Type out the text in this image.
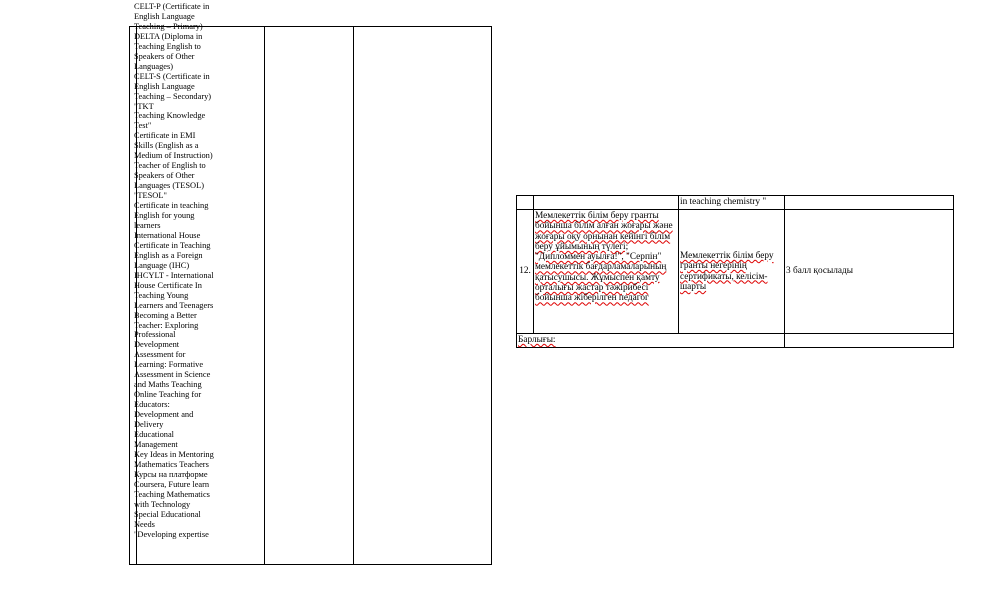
CELT-P (Certificate in
English Language
Teaching – Primary)
DELTA (Diploma in
Teaching English to
Speakers of Other
Languages)
CELT-S (Certificate in
English Language
Teaching – Secondary)
"TKT
Teaching Knowledge
Test"
Certificate in EMI
Skills (English as a
Medium of Instruction)
Teacher of English to
Speakers of Other
Languages (TESOL)
"TESOL"
Certificate in teaching
English for young
learners
International House
Certificate in Teaching
English as a Foreign
Language (IHC)
IHCYLT - International
House Certificate In
Teaching Young
Learners and Teenagers
Becoming a Better
Teacher: Exploring
Professional
Development
Assessment for
Learning: Formative
Assessment in Science
and Maths Teaching
Online Teaching for
Educators:
Development and
Delivery
Educational
Management
Key Ideas in Mentoring
Mathematics Teachers
Курсы на платформе
Coursera, Future learn
Teaching Mathematics
with Technology
Special Educational
Needs
"Developing expertise
		in teaching chemistry "	
12.	Мемлекеттік білім беру гранты бойынша білім алған жоғары және жоғары оқу орнынан кейінгі білім беру ұйымының түлегі; "Дипломмен ауылға!", "Серпін" мемлекеттік бағдарламаларының қатысушысы. Жұмыспен қамту орталығы жастар тәжірибесі бойынша жіберілген педагог	Мемлекеттік білім беру гранты негерінің сертификаты, келісім-шарты	3 балл қосылады
Барлығы:			
